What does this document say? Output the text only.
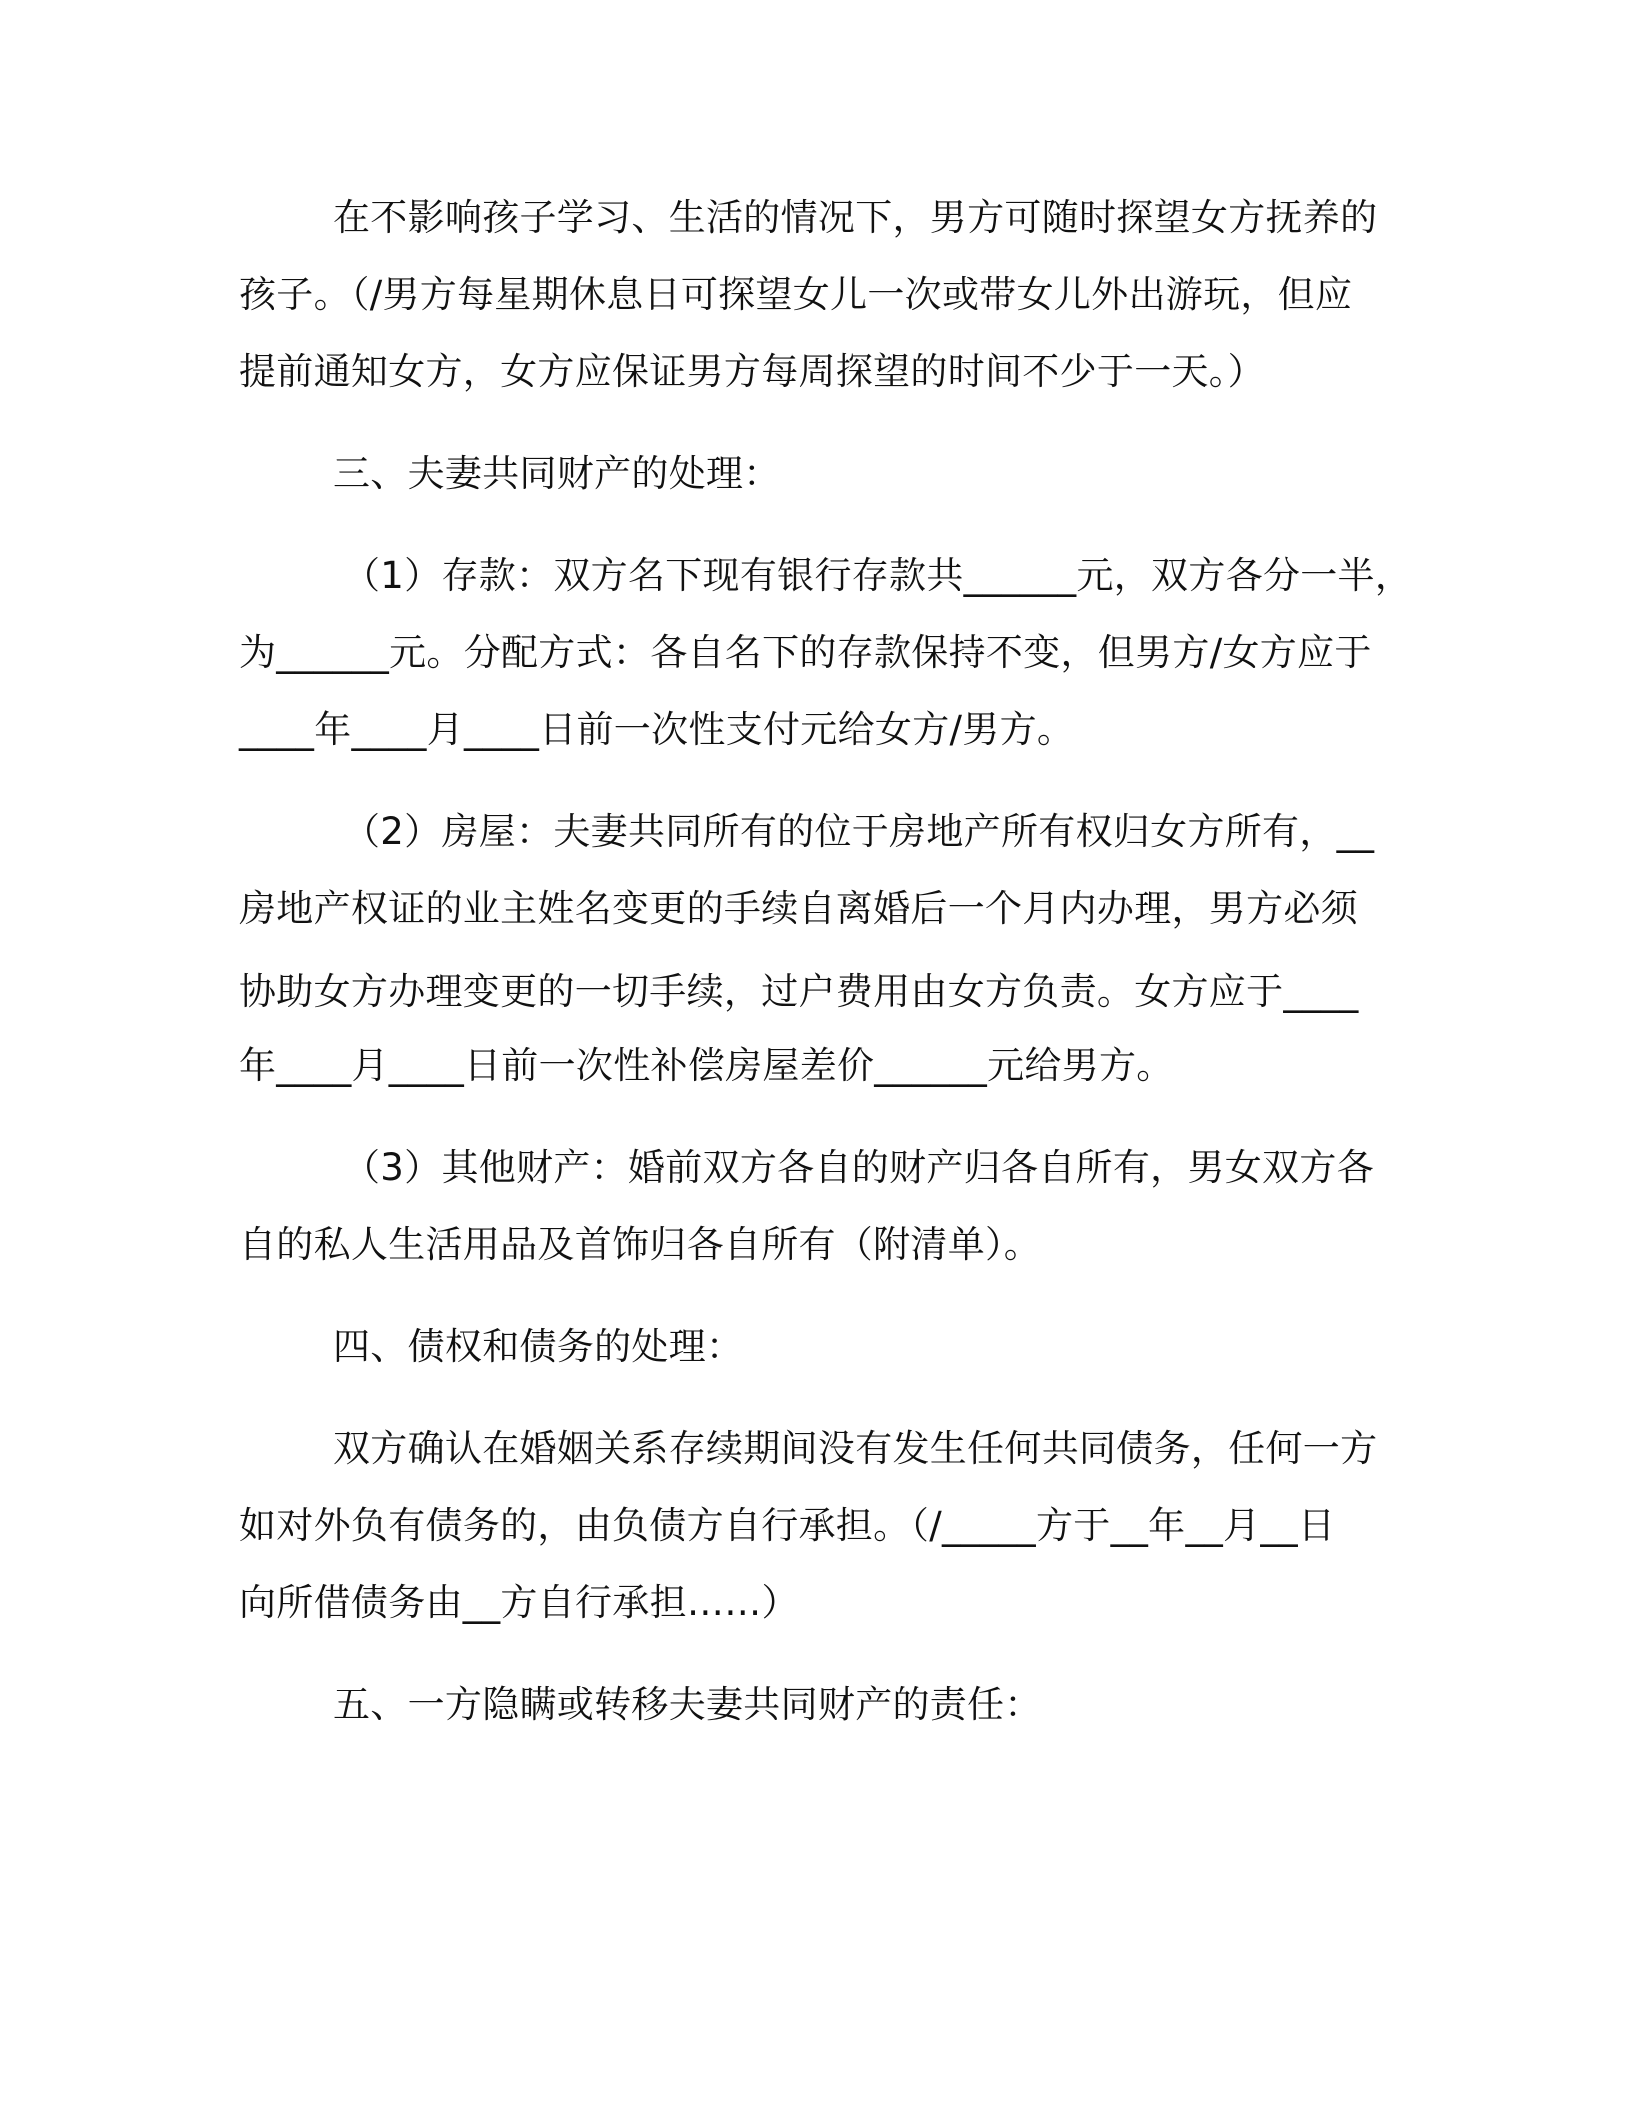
在不影响孩子学习、生活的情况下，男方可随时探望女方抚养的
孩子。（/男方每星期休息日可探望女儿一次或带女儿外出游玩，但应
提前通知女方，女方应保证男方每周探望的时间不少于一天。）
三、夫妻共同财产的处理：
（1）存款：双方名下现有银行存款共______元，双方各分一半，
为______元。分配方式：各自名下的存款保持不变，但男方/女方应于
____年____月____日前一次性支付元给女方/男方。
（2）房屋：夫妻共同所有的位于房地产所有权归女方所有，__
房地产权证的业主姓名变更的手续自离婚后一个月内办理，男方必须
协助女方办理变更的一切手续，过户费用由女方负责。女方应于____
年____月____日前一次性补偿房屋差价______元给男方。
（3）其他财产：婚前双方各自的财产归各自所有，男女双方各
自的私人生活用品及首饰归各自所有（附清单）。
四、债权和债务的处理：
双方确认在婚姻关系存续期间没有发生任何共同债务，任何一方
如对外负有债务的，由负债方自行承担。（/_____方于__年__月__日
向所借债务由__方自行承担……）
五、一方隐瞒或转移夫妻共同财产的责任：
